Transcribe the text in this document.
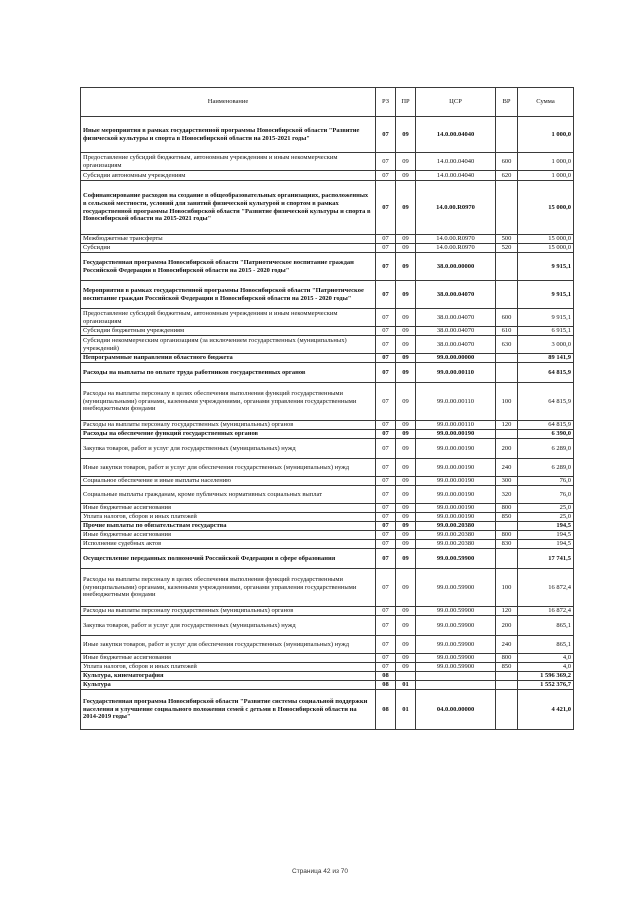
Наименование	РЗ	ПР	ЦСР	ВР	Сумма
Иные мероприятия в рамках государственной программы Новосибирской области "Развитие физической культуры и спорта в Новосибирской области на 2015-2021 годы"	07	09	14.0.00.04040		1 000,0
Предоставление субсидий бюджетным, автономным учреждениям и иным некоммерческим организациям	07	09	14.0.00.04040	600	1 000,0
Субсидии автономным учреждениям	07	09	14.0.00.04040	620	1 000,0
Софинансирование расходов на создание в общеобразовательных организациях, расположенных в сельской местности, условий для занятий физической культурой и спортом в рамках государственной программы Новосибирской области "Развитие физической культуры и спорта в Новосибирской области на 2015-2021 годы"	07	09	14.0.00.R0970		15 000,0
Межбюджетные трансферты	07	09	14.0.00.R0970	500	15 000,0
Субсидии	07	09	14.0.00.R0970	520	15 000,0
Государственная программа Новосибирской области "Патриотическое воспитание граждан Российской Федерации в Новосибирской области на 2015 - 2020 годы"	07	09	38.0.00.00000		9 915,1
Мероприятия в рамках государственной программы Новосибирской области "Патриотическое воспитание граждан Российской Федерации в Новосибирской области на 2015 - 2020 годы"	07	09	38.0.00.04070		9 915,1
Предоставление субсидий бюджетным, автономным учреждениям и иным некоммерческим организациям	07	09	38.0.00.04070	600	9 915,1
Субсидии бюджетным учреждениям	07	09	38.0.00.04070	610	6 915,1
Субсидии некоммерческим организациям (за исключением государственных (муниципальных) учреждений)	07	09	38.0.00.04070	630	3 000,0
Непрограммные направления областного бюджета	07	09	99.0.00.00000		89 141,9
Расходы на выплаты по оплате труда работников государственных органов	07	09	99.0.00.00110		64 815,9
Расходы на выплаты персоналу в целях обеспечения выполнения функций государственными (муниципальными) органами, казенными учреждениями, органами управления государственными внебюджетными фондами	07	09	99.0.00.00110	100	64 815,9
Расходы на выплаты персоналу государственных (муниципальных) органов	07	09	99.0.00.00110	120	64 815,9
Расходы на обеспечение функций государственных органов	07	09	99.0.00.00190		6 390,0
Закупка товаров, работ и услуг для государственных (муниципальных) нужд	07	09	99.0.00.00190	200	6 289,0
Иные закупки товаров, работ и услуг для обеспечения государственных (муниципальных) нужд	07	09	99.0.00.00190	240	6 289,0
Социальное обеспечение и иные выплаты населению	07	09	99.0.00.00190	300	76,0
Социальные выплаты гражданам, кроме публичных нормативных социальных выплат	07	09	99.0.00.00190	320	76,0
Иные бюджетные ассигнования	07	09	99.0.00.00190	800	25,0
Уплата налогов, сборов и иных платежей	07	09	99.0.00.00190	850	25,0
Прочие выплаты по обязательствам государства	07	09	99.0.00.20380		194,5
Иные бюджетные ассигнования	07	09	99.0.00.20380	800	194,5
Исполнение судебных актов	07	09	99.0.00.20380	830	194,5
Осуществление переданных полномочий Российской Федерации в сфере образования	07	09	99.0.00.59900		17 741,5
Расходы на выплаты персоналу в целях обеспечения выполнения функций государственными (муниципальными) органами, казенными учреждениями, органами управления государственными внебюджетными фондами	07	09	99.0.00.59900	100	16 872,4
Расходы на выплаты персоналу государственных (муниципальных) органов	07	09	99.0.00.59900	120	16 872,4
Закупка товаров, работ и услуг для государственных (муниципальных) нужд	07	09	99.0.00.59900	200	865,1
Иные закупки товаров, работ и услуг для обеспечения государственных (муниципальных) нужд	07	09	99.0.00.59900	240	865,1
Иные бюджетные ассигнования	07	09	99.0.00.59900	800	4,0
Уплата налогов, сборов и иных платежей	07	09	99.0.00.59900	850	4,0
Культура, кинематография	08				1 596 369,2
Культура	08	01			1 552 376,7
Государственная программа Новосибирской области "Развитие системы социальной поддержки населения и улучшение социального положения семей с детьми в Новосибирской области на 2014-2019 годы"	08	01	04.0.00.00000		4 421,0
Страница 42 из 70
